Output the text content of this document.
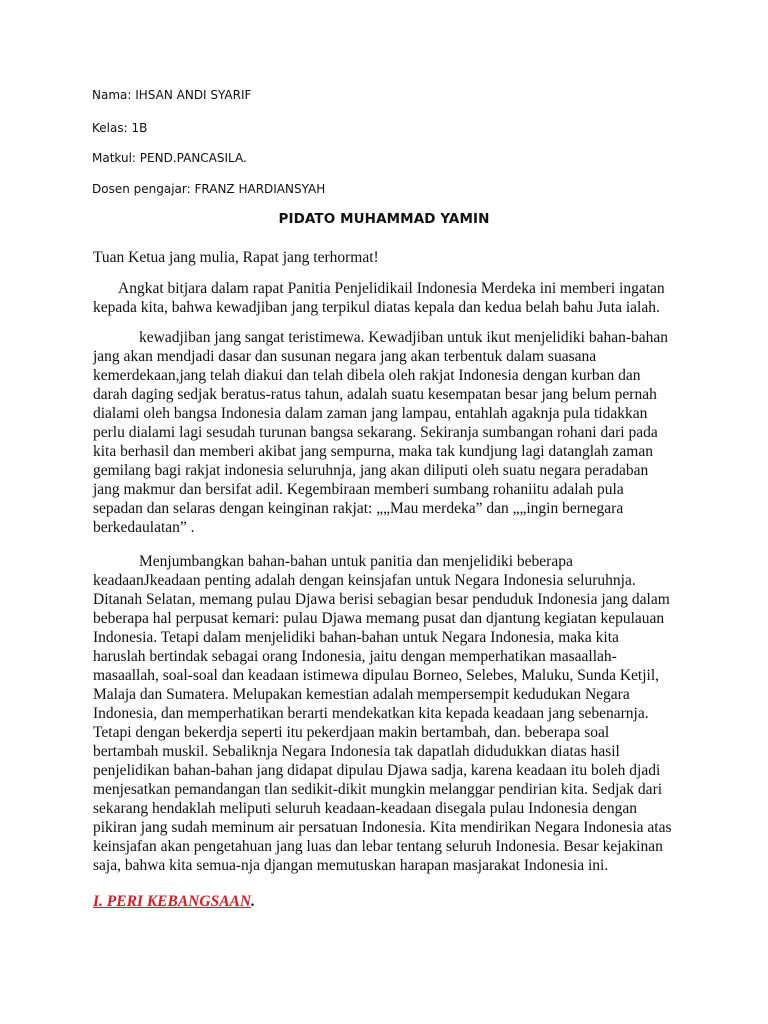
Nama: IHSAN ANDI SYARIF
Kelas: 1B
Matkul: PEND.PANCASILA.
Dosen pengajar: FRANZ HARDIANSYAH
PIDATO MUHAMMAD YAMIN
Tuan Ketua jang mulia, Rapat jang terhormat!
Angkat bitjara dalam rapat Panitia Penjelidikail Indonesia Merdeka ini memberi ingatan kepada kita, bahwa kewadjiban jang terpikul diatas kepala dan kedua belah bahu Juta ialah.
kewadjiban jang sangat teristimewa. Kewadjiban untuk ikut menjelidiki bahan-bahan jang akan mendjadi dasar dan susunan negara jang akan terbentuk dalam suasana kemerdekaan,jang telah diakui dan telah dibela oleh rakjat Indonesia dengan kurban dan darah daging sedjak beratus-ratus tahun, adalah suatu kesempatan besar jang belum pernah dialami oleh bangsa Indonesia dalam zaman jang lampau, entahlah agaknja pula tidakkan perlu dialami lagi sesudah turunan bangsa sekarang. Sekiranja sumbangan rohani dari pada kita berhasil dan memberi akibat jang sempurna, maka tak kundjung lagi datanglah zaman gemilang bagi rakjat indonesia seluruhnja, jang akan diliputi oleh suatu negara peradaban jang makmur dan bersifat adil. Kegembiraan memberi sumbang rohaniitu adalah pula sepadan dan selaras dengan keinginan rakjat: „„Mau merdeka” dan „„ingin bernegara berkedaulatan” .
Menjumbangkan bahan-bahan untuk panitia dan menjelidiki beberapa keadaanJkeadaan penting adalah dengan keinsjafan untuk Negara Indonesia seluruhnja. Ditanah Selatan, memang pulau Djawa berisi sebagian besar penduduk Indonesia jang dalam beberapa hal perpusat kemari: pulau Djawa memang pusat dan djantung kegiatan kepulauan Indonesia. Tetapi dalam menjelidiki bahan-bahan untuk Negara Indonesia, maka kita haruslah bertindak sebagai orang Indonesia, jaitu dengan memperhatikan masaallah-masaallah, soal-soal dan keadaan istimewa dipulau Borneo, Selebes, Maluku, Sunda Ketjil, Malaja dan Sumatera. Melupakan kemestian adalah mempersempit kedudukan Negara Indonesia, dan memperhatikan berarti mendekatkan kita kepada keadaan jang sebenarnja. Tetapi dengan bekerdja seperti itu pekerdjaan makin bertambah, dan. beberapa soal bertambah muskil. Sebaliknja Negara Indonesia tak dapatlah didudukkan diatas hasil penjelidikan bahan-bahan jang didapat dipulau Djawa sadja, karena keadaan itu boleh djadi menjesatkan pemandangan tlan sedikit-dikit mungkin melanggar pendirian kita. Sedjak dari sekarang hendaklah meliputi seluruh keadaan-keadaan disegala pulau Indonesia dengan pikiran jang sudah meminum air persatuan Indonesia. Kita mendirikan Negara Indonesia atas keinsjafan akan pengetahuan jang luas dan lebar tentang seluruh Indonesia. Besar kejakinan saja, bahwa kita semua-nja djangan memutuskan harapan masjarakat Indonesia ini.
I. PERI KEBANGSAAN.
